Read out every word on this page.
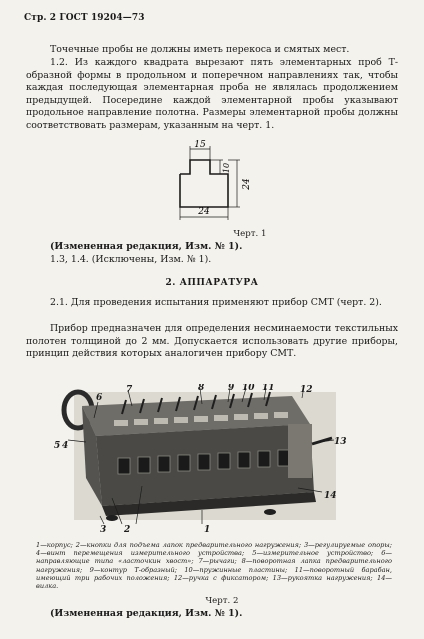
Стр. 2 ГОСТ 19204—73
Точечные пробы не должны иметь перекоса и смятых мест.
1.2. Из каждого квадрата вырезают пять элементарных проб Т-образной формы в продольном и поперечном направлениях так, чтобы каждая последующая элементарная проба не являлась продолжением предыдущей. Посередине каждой элементарной пробы указывают продольное направление полотна. Размеры элементарной пробы должны соответствовать размерам, указанным на черт. 1.
15
10
24
24
Черт. 1
(Измененная редакция, Изм. № 1).
1.3, 1.4. (Исключены, Изм. № 1).
2. АППАРАТУРА
2.1. Для проведения испытания применяют прибор СМТ (черт. 2).
Прибор предназначен для определения несминаемости текстильных полотен толщиной до 2 мм. Допускается использовать другие приборы, принцип действия которых аналогичен прибору СМТ.
1
2
3
4
5
6
7	8	9 10 11	12
13
14
1—корпус; 2—кнопки для подъема лапок предварительного нагружения; 3—регулируемые опоры; 4—винт перемещения измерительного устройства; 5—измерительное устройство; 6—направляющие типа «ласточкин хвост»; 7—рычаги; 8—поворотная лапка предварительного нагружения; 9—контур Т-образный; 10—пружинные пластины; 11—поворотный барабан, имеющий три рабочих положения; 12—ручка с фиксатором; 13—рукоятка нагружения; 14—вилка.
Черт. 2
(Измененная редакция, Изм. № 1).
